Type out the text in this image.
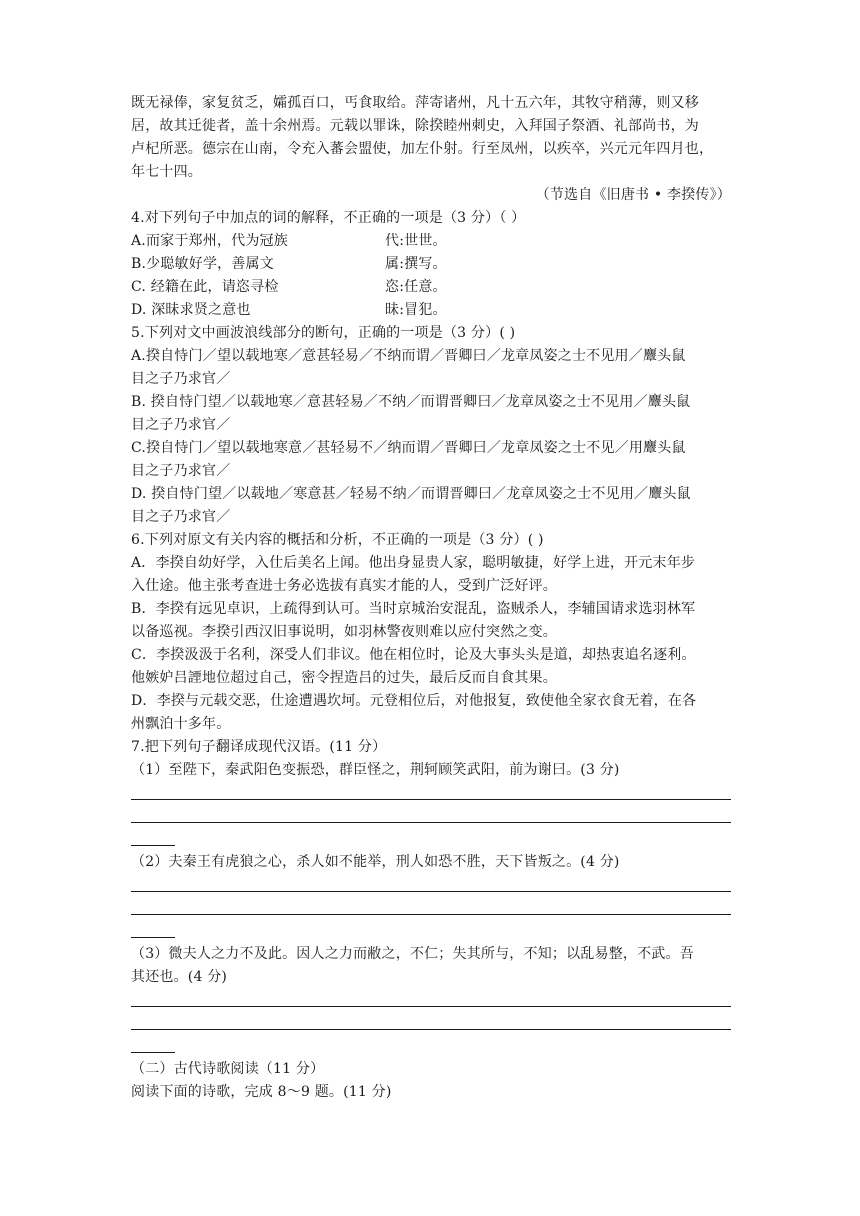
既无禄俸，家复贫乏，孀孤百口，丐食取给。萍寄诸州，凡十五六年，其牧守稍薄，则又移
居，故其迁徙者，盖十余州焉。元载以罪诛，除揆睦州刺史，入拜国子祭酒、礼部尚书，为
卢杞所恶。德宗在山南，令充入蕃会盟使，加左仆射。行至凤州，以疾卒，兴元元年四月也，
年七十四。
（节选自《旧唐书 • 李揆传》）
4.对下列句子中加点的词的解释，不正确的一项是（3 分）（ ）
A.而家于郑州，代为冠族	代:世世。
B.少聪敏好学，善属文	属:撰写。
C. 经籍在此，请恣寻检	恣:任意。
D. 深昧求贤之意也	昧:冒犯。
5.下列对文中画波浪线部分的断句，正确的一项是（3 分）( )
A.揆自恃门／望以载地寒／意甚轻易／不纳而谓／晋卿曰／龙章凤姿之士不见用／麞头鼠
目之子乃求官／
B. 揆自恃门望／以载地寒／意甚轻易／不纳／而谓晋卿曰／龙章凤姿之士不见用／麞头鼠
目之子乃求官／
C.揆自恃门／望以载地寒意／甚轻易不／纳而谓／晋卿曰／龙章凤姿之士不见／用麞头鼠
目之子乃求官／
D. 揆自恃门望／以载地／寒意甚／轻易不纳／而谓晋卿曰／龙章凤姿之士不见用／麞头鼠
目之子乃求官／
6.下列对原文有关内容的概括和分析，不正确的一项是（3 分）( )
A．李揆自幼好学，入仕后美名上闻。他出身显贵人家，聪明敏捷，好学上进，开元末年步
入仕途。他主张考查进士务必选拔有真实才能的人，受到广泛好评。
B．李揆有远见卓识，上疏得到认可。当时京城治安混乱，盗贼杀人，李辅国请求选羽林军
以备巡视。李揆引西汉旧事说明，如羽林警夜则难以应付突然之变。
C．李揆汲汲于名利，深受人们非议。他在相位时，论及大事头头是道，却热衷追名逐利。
他嫉妒吕諲地位超过自己，密令捏造吕的过失，最后反而自食其果。
D．李揆与元载交恶，仕途遭遇坎坷。元登相位后，对他报复，致使他全家衣食无着，在各
州飘泊十多年。
7.把下列句子翻译成现代汉语。(11 分）
（1）至陛下，秦武阳色变振恐，群臣怪之，荆轲顾笑武阳，前为谢曰。(3 分)
（2）夫秦王有虎狼之心，杀人如不能举，刑人如恐不胜，天下皆叛之。(4 分)
（3）微夫人之力不及此。因人之力而敝之，不仁；失其所与，不知；以乱易整，不武。吾
其还也。(4 分)
（二）古代诗歌阅读（11 分）
阅读下面的诗歌，完成 8～9 题。(11 分)
